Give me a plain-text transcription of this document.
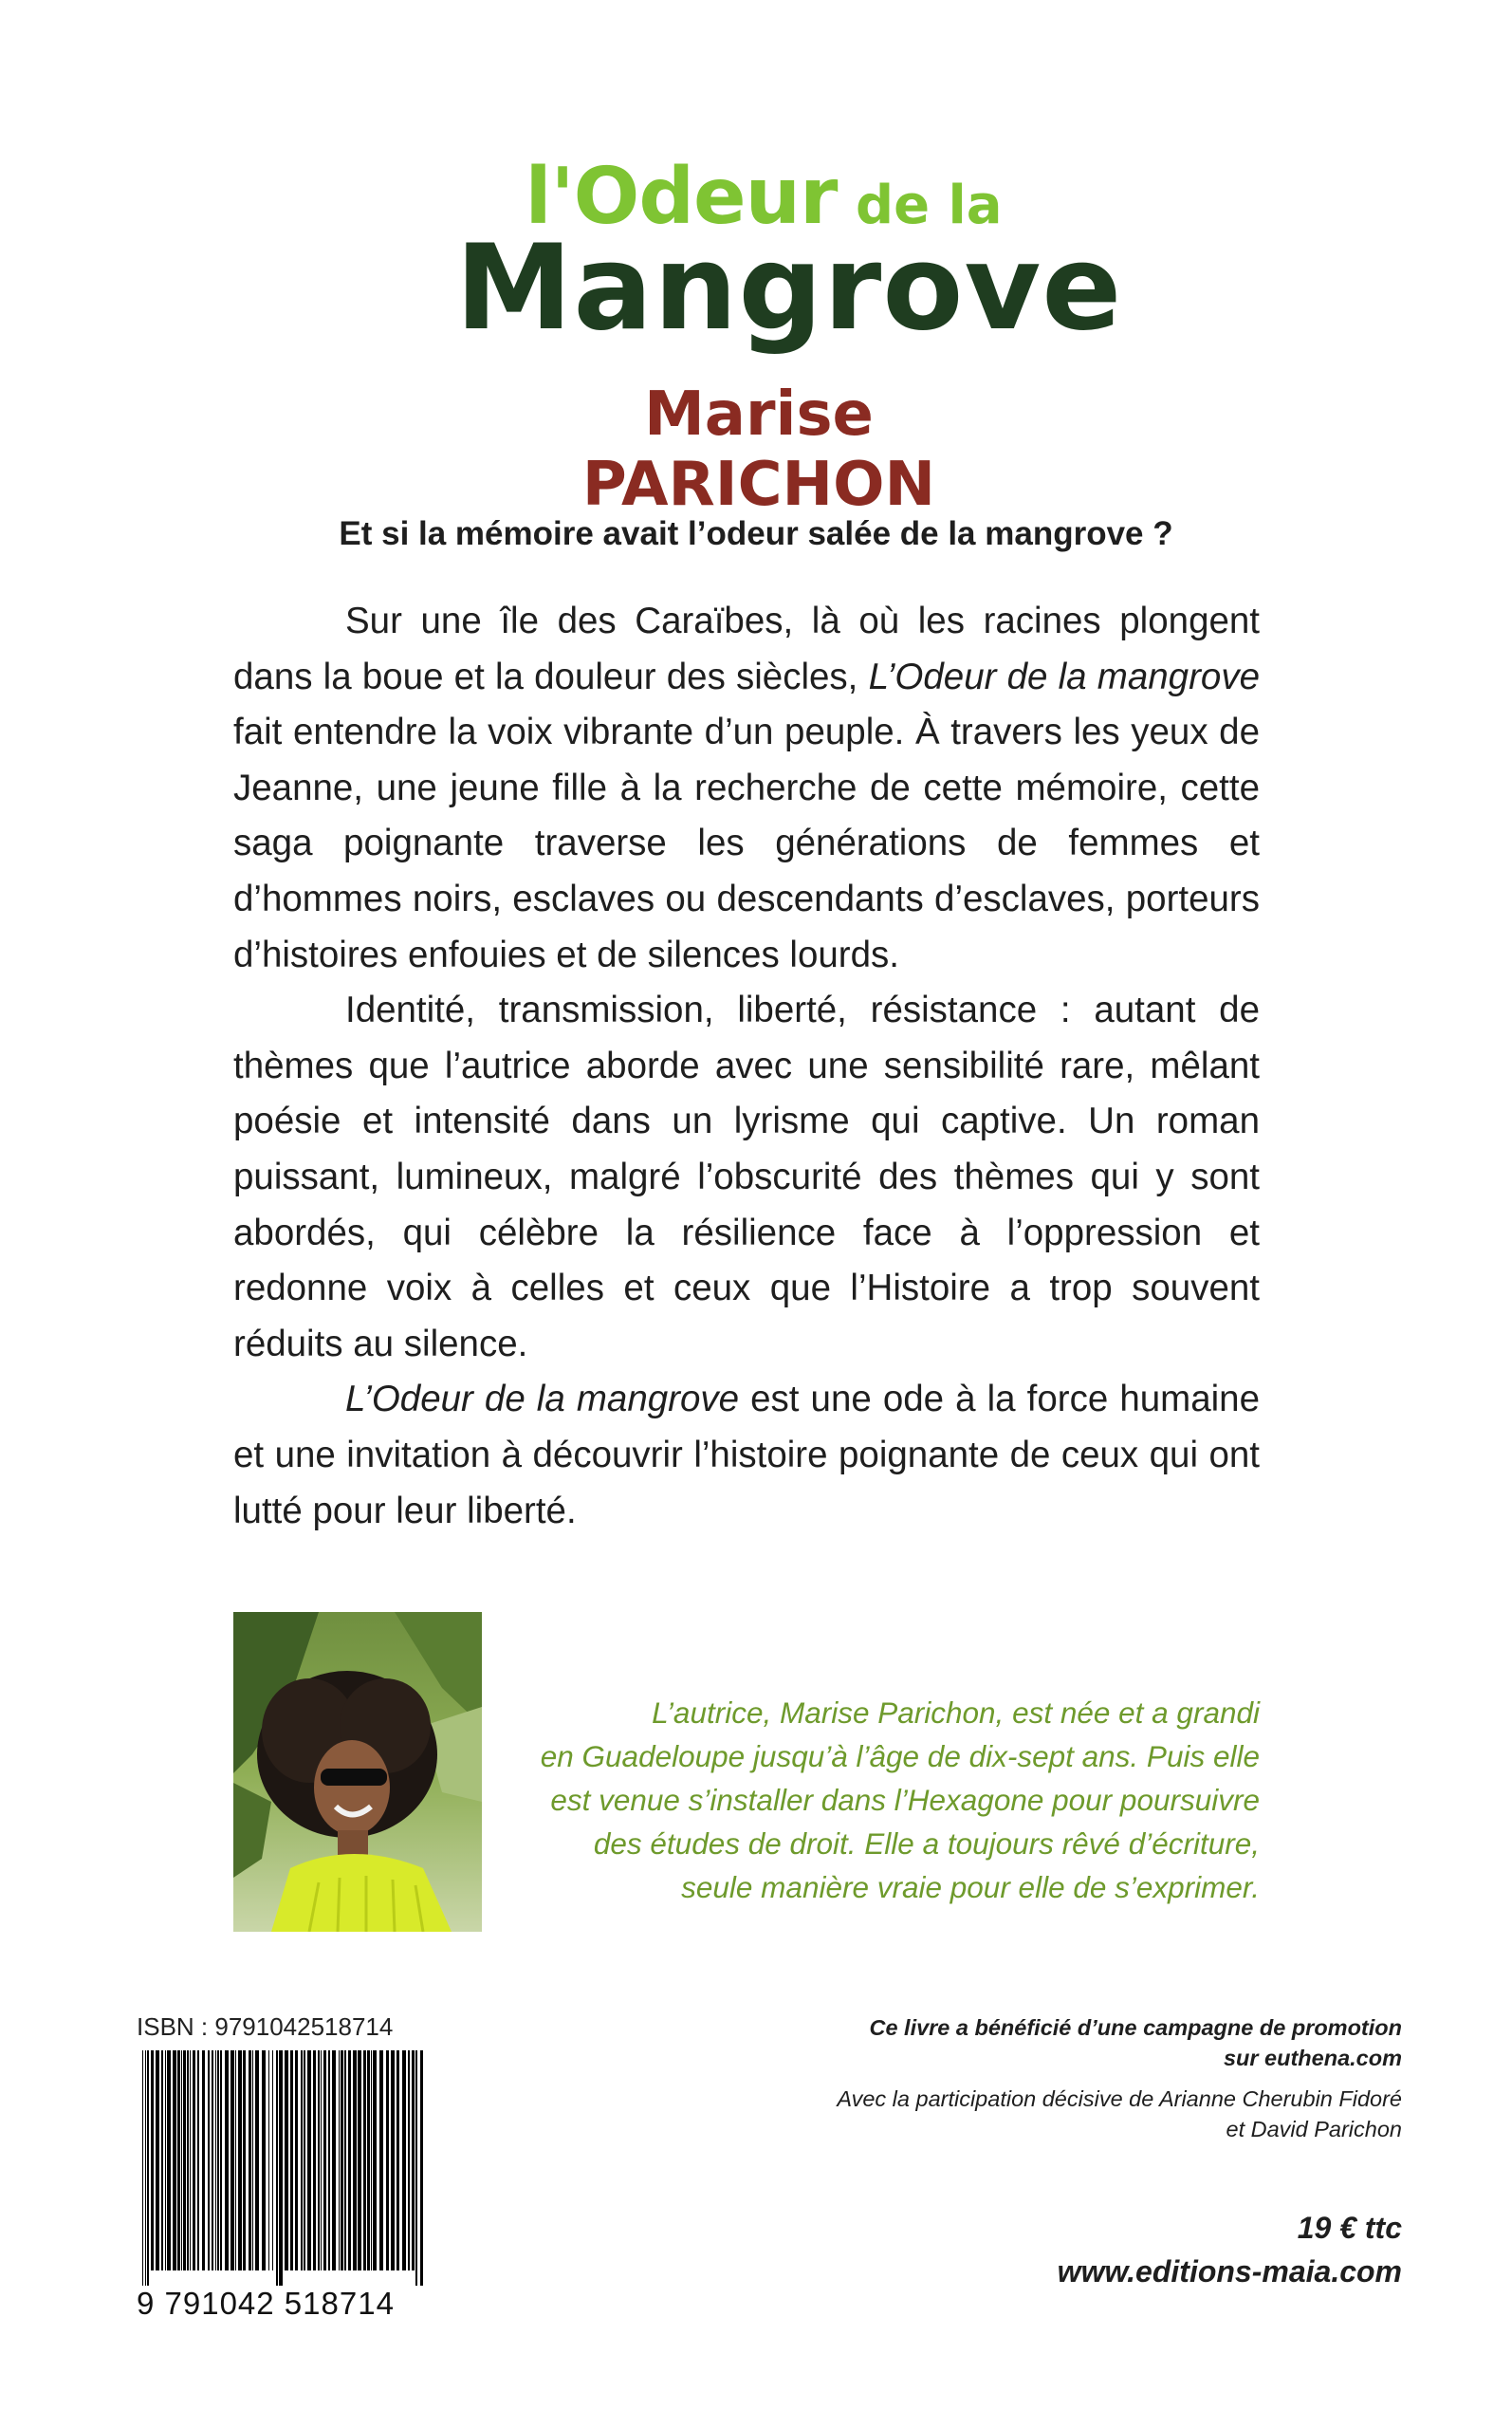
l'Odeur de la
Mangrove
Marise PARICHON
Et si la mémoire avait l’odeur salée de la mangrove ?

Sur une île des Caraïbes, là où les racines plongent dans la boue et la douleur des siècles, L’Odeur de la mangrove fait entendre la voix vibrante d’un peuple. À travers les yeux de Jeanne, une jeune fille à la recherche de cette mémoire, cette saga poignante traverse les générations de femmes et d’hommes noirs, esclaves ou descendants d’esclaves, porteurs d’histoires enfouies et de silences lourds.

Identité, transmission, liberté, résistance : autant de thèmes que l’autrice aborde avec une sensibilité rare, mêlant poésie et intensité dans un lyrisme qui captive. Un roman puissant, lumineux, malgré l’obscurité des thèmes qui y sont abordés, qui célèbre la résilience face à l’oppression et redonne voix à celles et ceux que l’Histoire a trop souvent réduits au silence.

L’Odeur de la mangrove est une ode à la force humaine et une invitation à découvrir l’histoire poignante de ceux qui ont lutté pour leur liberté.

L’autrice, Marise Parichon, est née et a grandi
en Guadeloupe jusqu’à l’âge de dix-sept ans. Puis elle
est venue s’installer dans l’Hexagone pour poursuivre
des études de droit. Elle a toujours rêvé d’écriture,
seule manière vraie pour elle de s’exprimer.
ISBN : 9791042518714
9 791042 518714
Ce livre a bénéficié d’une campagne de promotion
sur euthena.com
Avec la participation décisive de Arianne Cherubin Fidoré
et David Parichon
19 € ttc
www.editions-maia.com
